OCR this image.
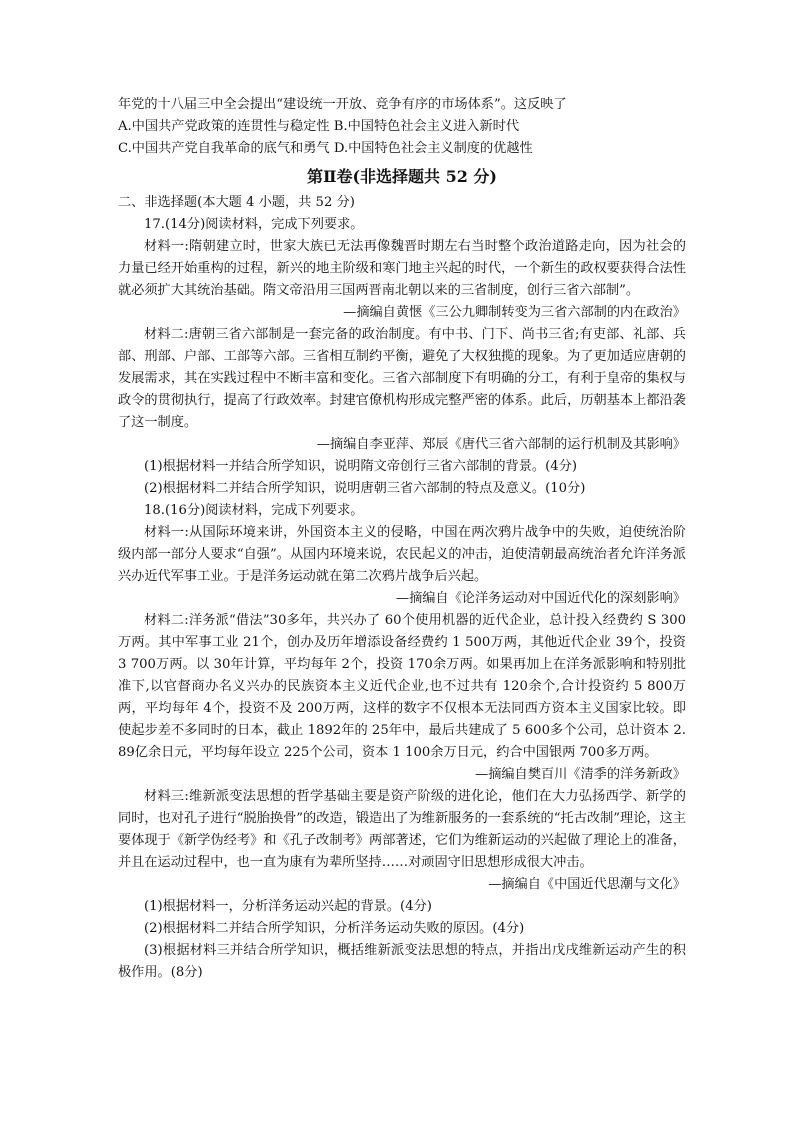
年党的十八届三中全会提出“建设统一开放、竞争有序的市场体系”。这反映了

A.中国共产党政策的连贯性与稳定性 B.中国特色社会主义进入新时代

C.中国共产党自我革命的底气和勇气 D.中国特色社会主义制度的优越性

第Ⅱ卷(非选择题共 52 分)

二、非选择题(本大题 4 小题，共 52 分)

17.(14分)阅读材料，完成下列要求。

材料一:隋朝建立时，世家大族已无法再像魏晋时期左右当时整个政治道路走向，因为社会的力量已经开始重构的过程，新兴的地主阶级和寒门地主兴起的时代，一个新生的政权要获得合法性就必须扩大其统治基础。隋文帝沿用三国两晋南北朝以来的三省制度，创行三省六部制”。

—摘编自黄惬《三公九卿制转变为三省六部制的内在政治》

材料二:唐朝三省六部制是一套完备的政治制度。有中书、门下、尚书三省;有吏部、礼部、兵部、刑部、户部、工部等六部。三省相互制约平衡，避免了大权独揽的现象。为了更加适应唐朝的发展需求，其在实践过程中不断丰富和变化。三省六部制度下有明确的分工，有利于皇帝的集权与政令的贯彻执行，提高了行政效率。封建官僚机构形成完整严密的体系。此后，历朝基本上都沿袭了这一制度。

—摘编自李亚萍、郑辰《唐代三省六部制的运行机制及其影响》

(1)根据材料一并结合所学知识，说明隋文帝创行三省六部制的背景。(4分)

(2)根据材料二并结合所学知识，说明唐朝三省六部制的特点及意义。(10分)

18.(16分)阅读材料，完成下列要求。

材料一:从国际环境来讲，外国资本主义的侵略，中国在两次鸦片战争中的失败，迫使统治阶级内部一部分人要求“自强”。从国内环境来说，农民起义的冲击，迫使清朝最高统治者允许洋务派兴办近代军事工业。于是洋务运动就在第二次鸦片战争后兴起。

—摘编自《论洋务运动对中国近代化的深刻影响》

材料二:洋务派“借法”30多年，共兴办了 60个使用机器的近代企业，总计投入经费约 S 300万两。其中军事工业 21个，创办及历年增添设备经费约 1 500万两，其他近代企业 39个，投资 3 700万两。以 30年计算，平均每年 2个，投资 170余万两。如果再加上在洋务派影响和特别批准下,以官督商办名义兴办的民族资本主义近代企业,也不过共有 120余个,合计投资约 5 800万两，平均每年 4个，投资不及 200万两，这样的数字不仅根本无法同西方资本主义国家比较。即使起步差不多同时的日本，截止 1892年的 25年中，最后共建成了 5 600多个公司，总计资本 2. 89亿余日元，平均每年设立 225个公司，资本 1 100余万日元，约合中国银两 700多万两。

—摘编自樊百川《清季的洋务新政》

材料三:维新派变法思想的哲学基础主要是资产阶级的进化论，他们在大力弘扬西学、新学的同时，也对孔子进行“脱胎换骨”的改造，锻造出了为维新服务的一套系统的“托古改制”理论，这主要体现于《新学伪经考》和《孔子改制考》两部著述，它们为维新运动的兴起做了理论上的准备，并且在运动过程中，也一直为康有为辈所坚持……对顽固守旧思想形成很大冲击。

—摘编自《中国近代思潮与文化》

(1)根据材料一，分析洋务运动兴起的背景。(4分)

(2)根据材料二并结合所学知识，分析洋务运动失败的原因。(4分)

(3)根据材料三并结合所学知识，概括维新派变法思想的特点，并指出戊戌维新运动产生的积极作用。(8分)
